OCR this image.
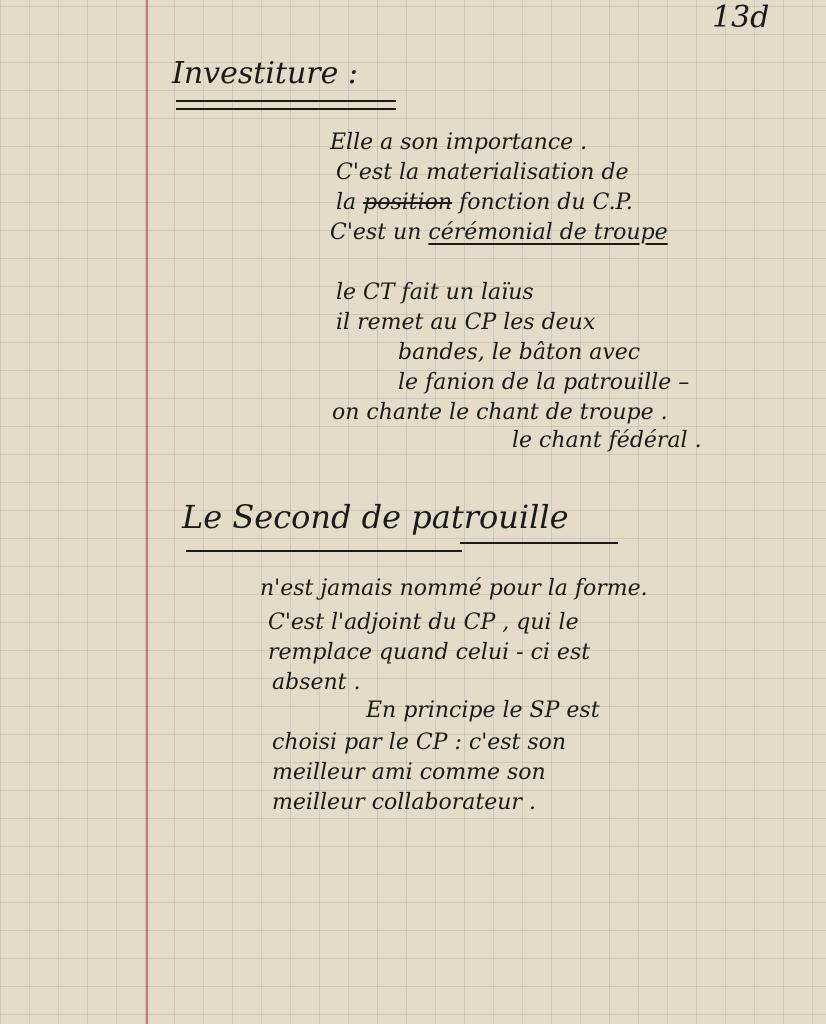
13d
Investiture :
Elle a son importance .
C'est la materialisation de
la position fonction du C.P.
C'est un cérémonial de troupe
le CT fait un laïus
il remet au CP les deux
bandes, le bâton avec
le fanion de la patrouille –
on chante le chant de troupe .
le chant fédéral .
Le Second de patrouille
n'est jamais nommé pour la forme.
C'est l'adjoint du CP , qui le
remplace quand celui - ci est
absent .
En principe le SP est
choisi par le CP : c'est son
meilleur ami comme son
meilleur collaborateur .
